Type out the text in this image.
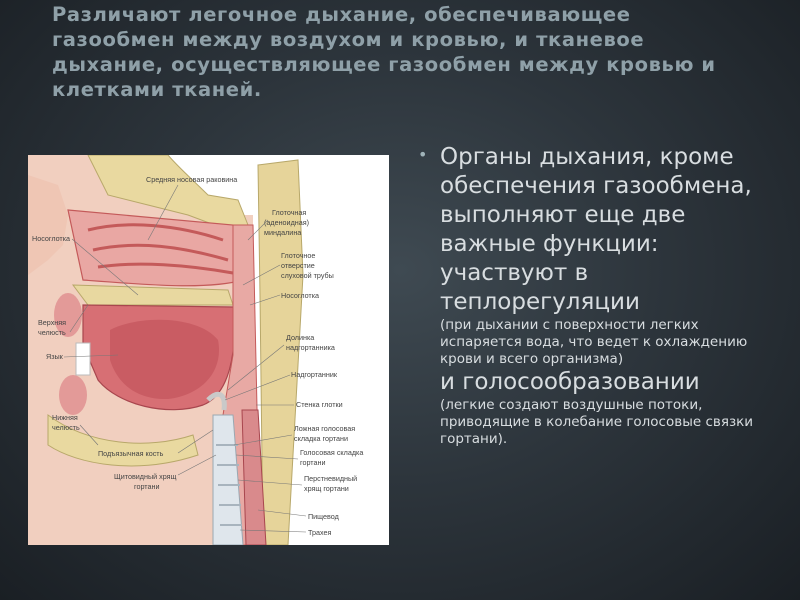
Различают легочное дыхание, обеспечивающее газообмен между воздухом и кровью, и тканевое дыхание, осуществляющее газообмен между кровью и клетками тканей.
Средняя носовая раковина
Носоглотка
Глоточная
(аденоидная)
миндалина
Глоточное
отверстие
слуховой трубы
Носоглотка
Верхняя
челюсть
Язык
Долинка
надгортанника
Надгортанник
Стенка глотки
Нижняя
челюсть	Ложная голосовая
складка гортани
Подъязычная кость	Голосовая складка
гортани
Щитовидный хрящ
гортани
Перстневидный
хрящ гортани
Пищевод
Трахея
• Органы дыхания, кроме обеспечения газообмена, выполняют еще две важные функции: участвуют в теплорегуляции
(при дыхании с поверхности легких испаряется вода, что ведет к охлаждению крови и всего организма)
и голосообразовании
(легкие создают воздушные потоки, приводящие в колебание голосовые связки гортани).
